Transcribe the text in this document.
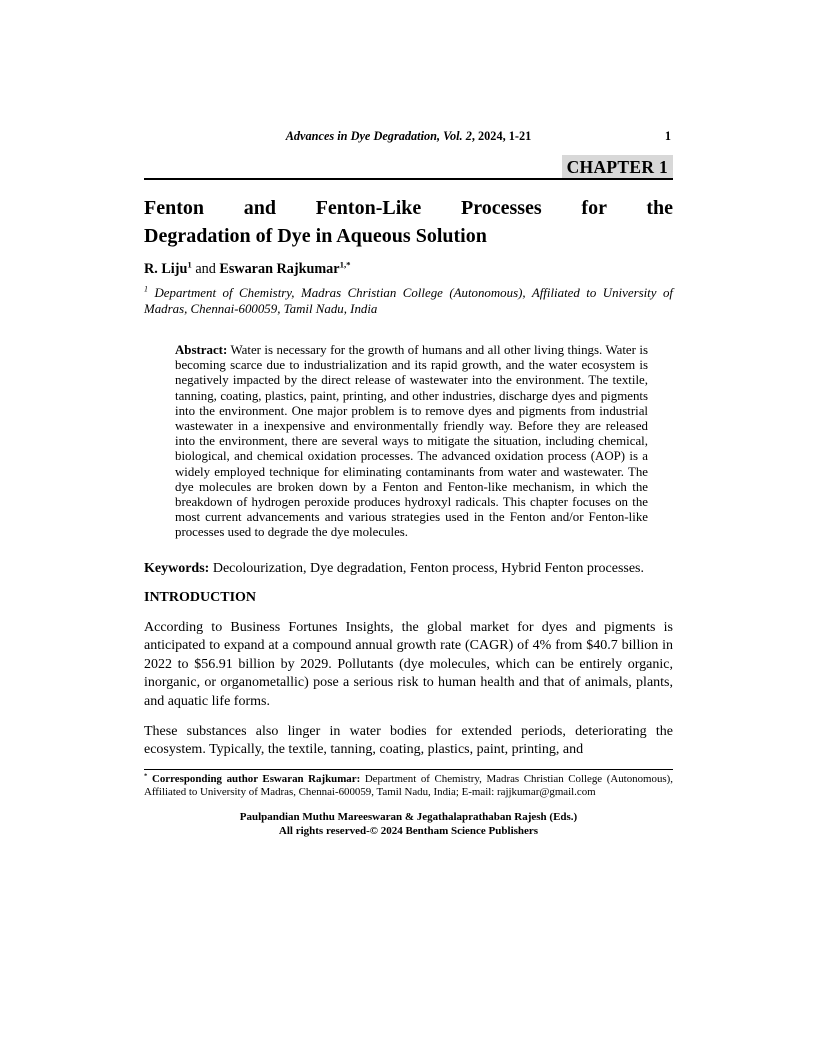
Advances in Dye Degradation, Vol. 2, 2024, 1-21	1
CHAPTER 1
Fenton and Fenton-Like Processes for the
Degradation of Dye in Aqueous Solution
R. Liju$^1$ and Eswaran Rajkumar$^{1,*}$
$^1$ Department of Chemistry, Madras Christian College (Autonomous), Affiliated to University of Madras, Chennai-600059, Tamil Nadu, India
Abstract: Water is necessary for the growth of humans and all other living things. Water is becoming scarce due to industrialization and its rapid growth, and the water ecosystem is negatively impacted by the direct release of wastewater into the environment. The textile, tanning, coating, plastics, paint, printing, and other industries, discharge dyes and pigments into the environment. One major problem is to remove dyes and pigments from industrial wastewater in a inexpensive and environmentally friendly way. Before they are released into the environment, there are several ways to mitigate the situation, including chemical, biological, and chemical oxidation processes. The advanced oxidation process (AOP) is a widely employed technique for eliminating contaminants from water and wastewater. The dye molecules are broken down by a Fenton and Fenton-like mechanism, in which the breakdown of hydrogen peroxide produces hydroxyl radicals. This chapter focuses on the most current advancements and various strategies used in the Fenton and/or Fenton-like processes used to degrade the dye molecules.
Keywords: Decolourization, Dye degradation, Fenton process, Hybrid Fenton processes.
INTRODUCTION

According to Business Fortunes Insights, the global market for dyes and pigments is anticipated to expand at a compound annual growth rate (CAGR) of 4% from $40.7 billion in 2022 to $56.91 billion by 2029. Pollutants (dye molecules, which can be entirely organic, inorganic, or organometallic) pose a serious risk to human health and that of animals, plants, and aquatic life forms.

These substances also linger in water bodies for extended periods, deteriorating the ecosystem. Typically, the textile, tanning, coating, plastics, paint, printing, and

* Corresponding author Eswaran Rajkumar: Department of Chemistry, Madras Christian College (Autonomous), Affiliated to University of Madras, Chennai-600059, Tamil Nadu, India; E-mail: rajjkumar@gmail.com
Paulpandian Muthu Mareeswaran & Jegathalaprathaban Rajesh (Eds.)
All rights reserved-© 2024 Bentham Science Publishers
